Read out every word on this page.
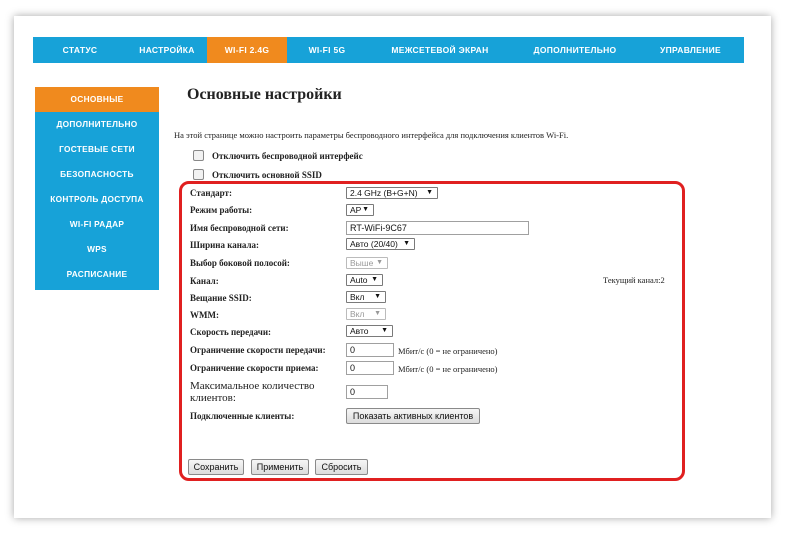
СТАТУС	НАСТРОЙКА	WI-FI 2.4G	WI-FI 5G	МЕЖСЕТЕВОЙ ЭКРАН	ДОПОЛНИТЕЛЬНО	УПРАВЛЕНИЕ
ОСНОВНЫЕ
ДОПОЛНИТЕЛЬНО
ГОСТЕВЫЕ СЕТИ
БЕЗОПАСНОСТЬ
КОНТРОЛЬ ДОСТУПА
WI-FI РАДАР
WPS
РАСПИСАНИЕ
Основные настройки
На этой странице можно настроить параметры беспроводного интерфейса для подключения клиентов Wi-Fi.
Отключить беспроводной интерфейс
Отключить основной SSID
Стандарт:	2.4 GHz (B+G+N) ▼
Режим работы:	AP ▼
Имя беспроводной сети:	RT-WiFi-9C67
Ширина канала:	Авто (20/40) ▼
Выбор боковой полосой:	Выше ▼
Канал:	Auto ▼	Текущий канал:2
Вещание SSID:	Вкл ▼
WMM:	Вкл ▼
Скорость передачи:	Авто ▼
Ограничение скорости передачи:	0	Мбит/с (0 = не ограничено)
Ограничение скорости приема:	0	Мбит/с (0 = не ограничено)
Максимальное количество клиентов:	0
Подключенные клиенты:	Показать активных клиентов
Сохранить	Применить	Сбросить
